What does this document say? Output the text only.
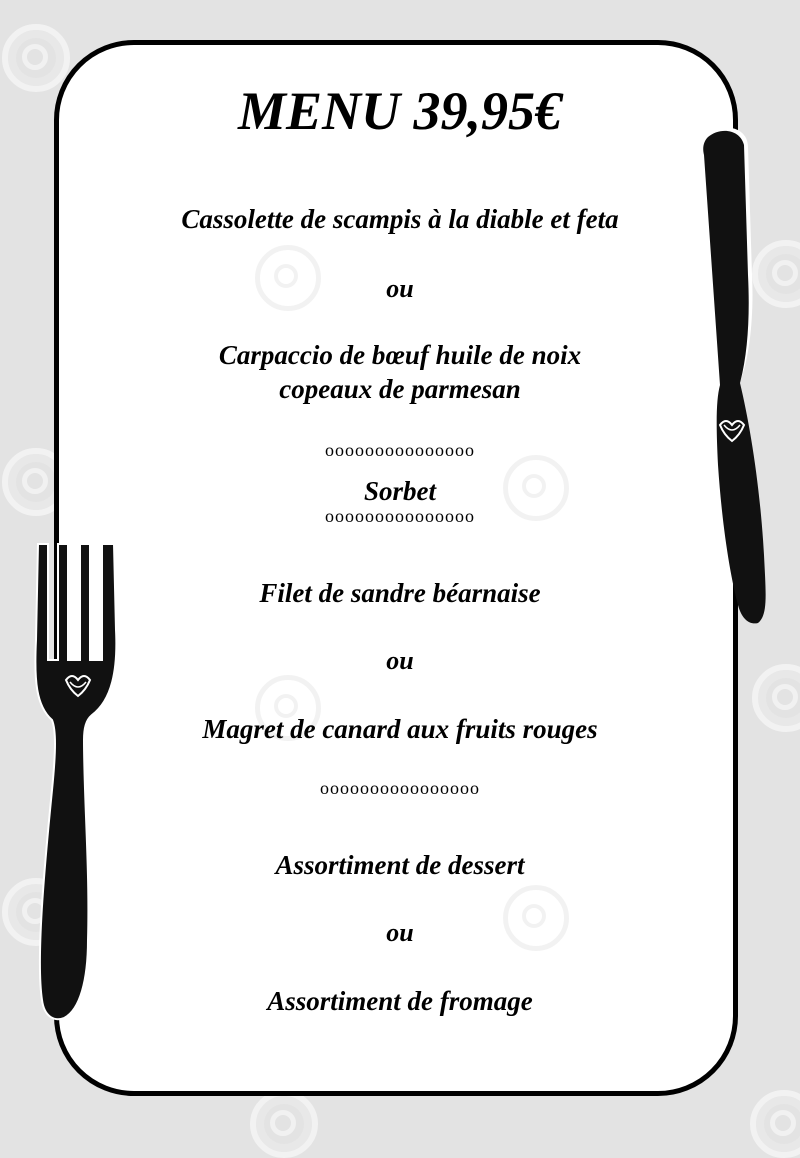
MENU 39,95€
Cassolette de scampis à la diable et feta
ou
Carpaccio de bœuf huile de noix
copeaux de parmesan
ooooooooooooooo
Sorbet
ooooooooooooooo
Filet de sandre béarnaise
ou
Magret de canard aux fruits rouges
oooooooooooooooo
Assortiment de dessert
ou
Assortiment de fromage
